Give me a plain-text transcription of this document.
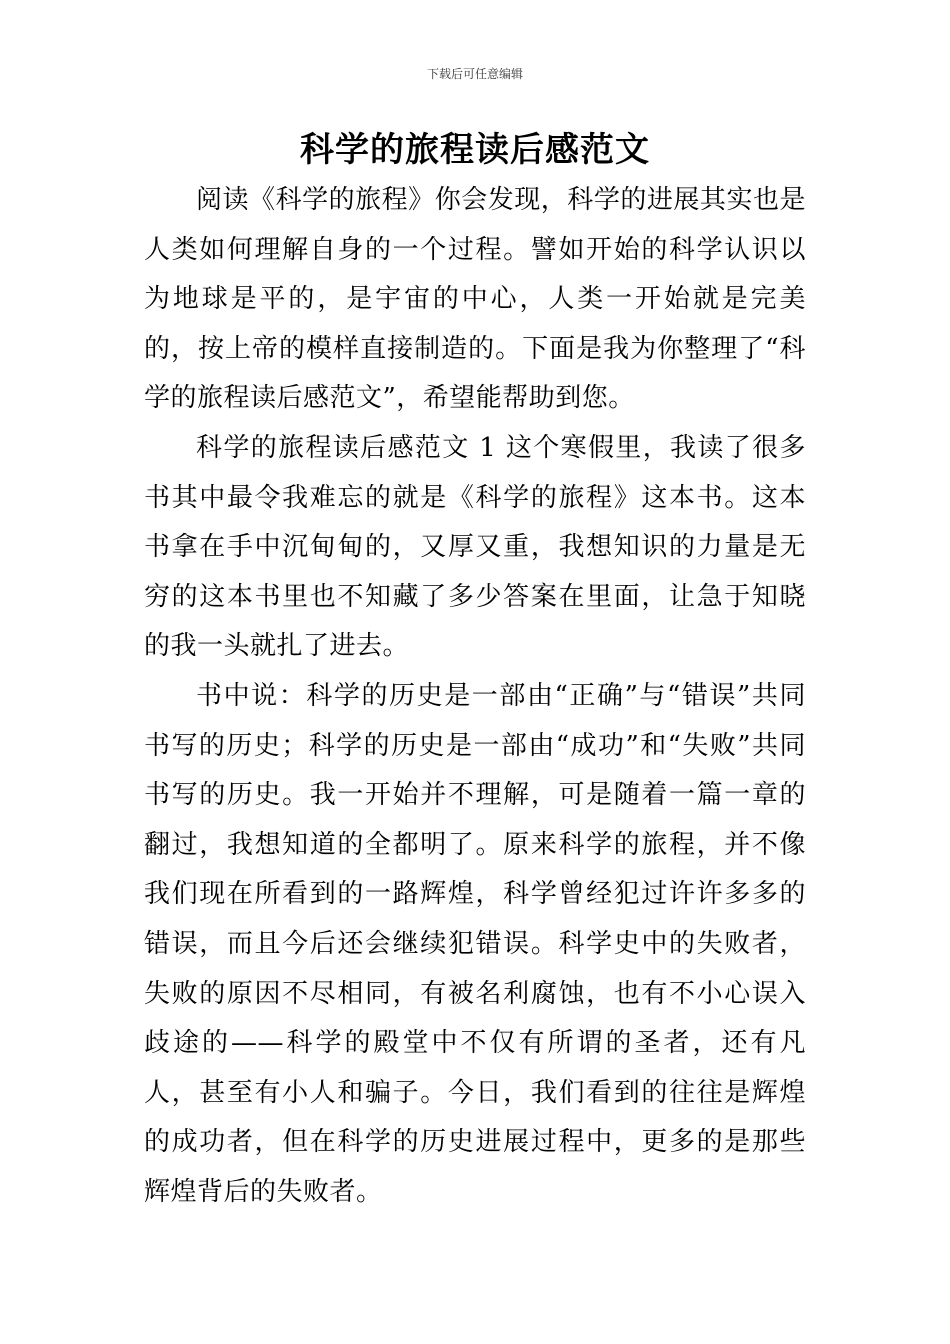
下载后可任意编辑
科学的旅程读后感范文

阅读《科学的旅程》你会发现，科学的进展其实也是人类如何理解自身的一个过程。譬如开始的科学认识以为地球是平的，是宇宙的中心，人类一开始就是完美的，按上帝的模样直接制造的。下面是我为你整理了“科学的旅程读后感范文”，希望能帮助到您。

科学的旅程读后感范文 1 这个寒假里，我读了很多书其中最令我难忘的就是《科学的旅程》这本书。这本书拿在手中沉甸甸的，又厚又重，我想知识的力量是无穷的这本书里也不知藏了多少答案在里面，让急于知晓的我一头就扎了进去。

书中说：科学的历史是一部由“正确”与“错误”共同书写的历史；科学的历史是一部由“成功”和“失败”共同书写的历史。我一开始并不理解，可是随着一篇一章的翻过，我想知道的全都明了。原来科学的旅程，并不像我们现在所看到的一路辉煌，科学曾经犯过许许多多的错误，而且今后还会继续犯错误。科学史中的失败者，失败的原因不尽相同，有被名利腐蚀，也有不小心误入歧途的——科学的殿堂中不仅有所谓的圣者，还有凡人，甚至有小人和骗子。今日，我们看到的往往是辉煌的成功者，但在科学的历史进展过程中，更多的是那些辉煌背后的失败者。
